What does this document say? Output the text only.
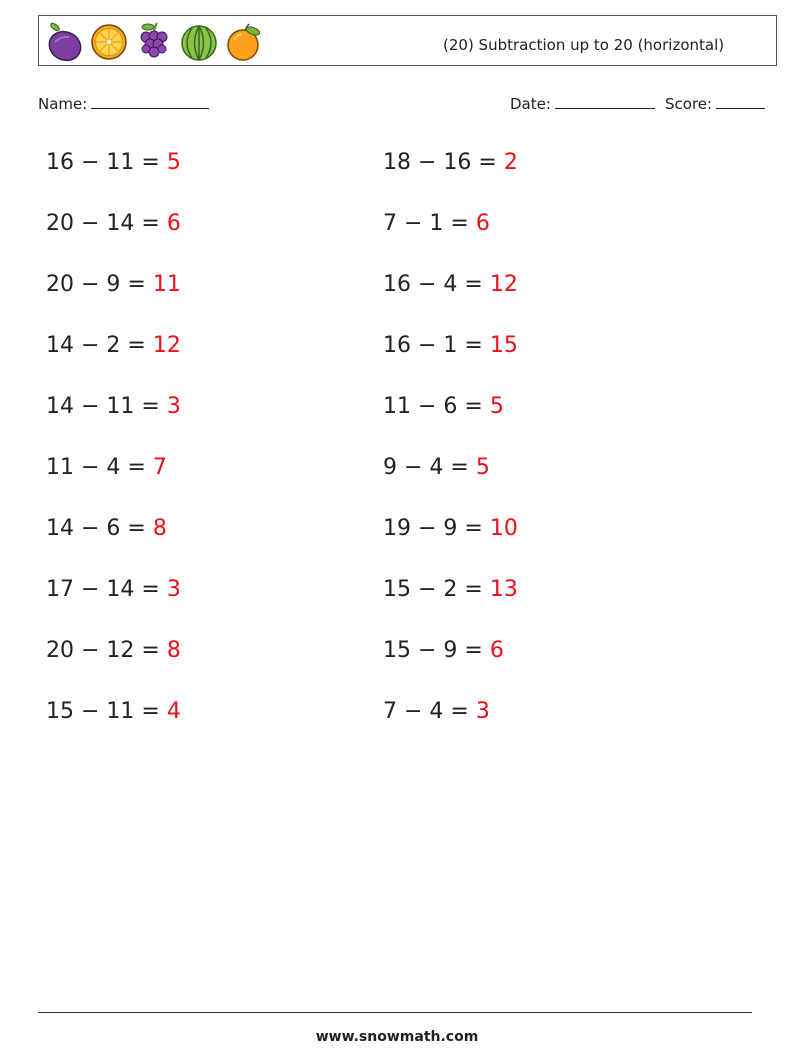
(20) Subtraction up to 20 (horizontal)
Name:	Date:	Score:
16 − 11 = 5
20 − 14 = 6
20 − 9 = 11
14 − 2 = 12
14 − 11 = 3
11 − 4 = 7
14 − 6 = 8
17 − 14 = 3
20 − 12 = 8
15 − 11 = 4
18 − 16 = 2
7 − 1 = 6
16 − 4 = 12
16 − 1 = 15
11 − 6 = 5
9 − 4 = 5
19 − 9 = 10
15 − 2 = 13
15 − 9 = 6
7 − 4 = 3
www.snowmath.com
